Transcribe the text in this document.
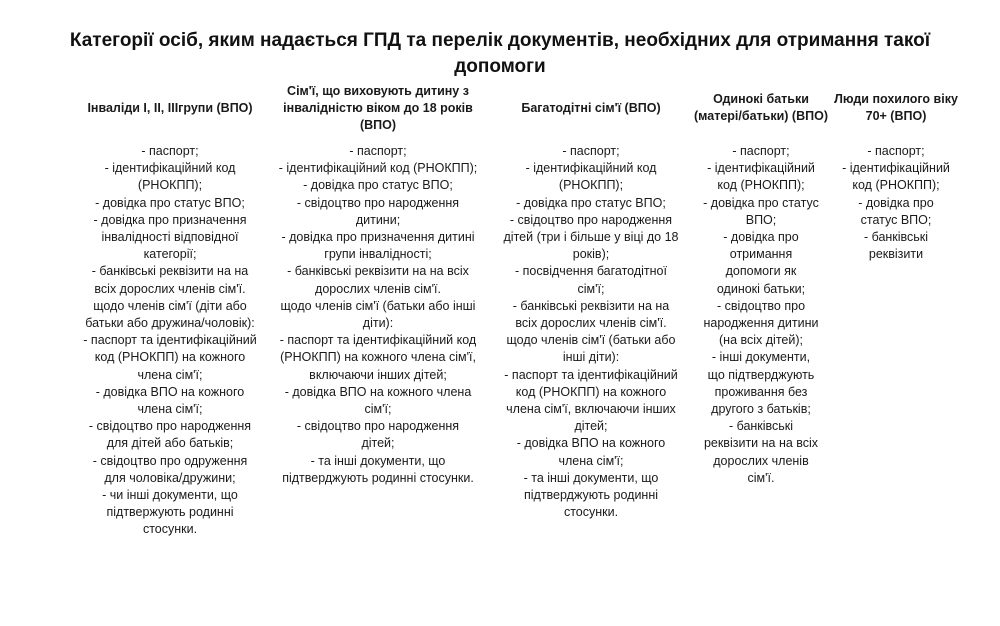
Категорії осіб, яким надається ГПД та перелік документів, необхідних для отримання такої допомоги
Інваліди І, ІІ, ІІІгрупи (ВПО)
- паспорт;
- ідентифікаційний код
(РНОКПП);
- довідка про статус ВПО;
- довідка про призначення
інвалідності відповідної
категорії;
- банківські реквізити на на
всіх дорослих членів сім'ї.
щодо членів сім'ї (діти або
батьки або дружина/чоловік):
- паспорт та ідентифікаційний
код (РНОКПП) на кожного
члена сім'ї;
- довідка ВПО на кожного
члена сім'ї;
- свідоцтво про народження
для дітей або батьків;
- свідоцтво про одруження
для чоловіка/дружини;
- чи інші документи, що
підтвержують родинні
стосунки.
Сім'ї, що виховують дитину з інвалідністю віком до 18 років (ВПО)
- паспорт;
- ідентифікаційний код (РНОКПП);
- довідка про статус ВПО;
- свідоцтво про народження
дитини;
- довідка про призначення дитині
групи інвалідності;
- банківські реквізити на на всіх
дорослих членів сім'ї.
щодо членів сім'ї (батьки або інші
діти):
- паспорт та ідентифікаційний код
(РНОКПП) на кожного члена сім'ї,
включаючи інших дітей;
- довідка ВПО на кожного члена
сім'ї;
- свідоцтво про народження
дітей;
- та інші документи, що
підтверджують родинні стосунки.
Багатодітні сім'ї (ВПО)
- паспорт;
- ідентифікаційний код
(РНОКПП);
- довідка про статус ВПО;
- свідоцтво про народження
дітей (три і більше у віці до 18
років);
- посвідчення багатодітної
сім'ї;
- банківські реквізити на на
всіх дорослих членів сім'ї.
щодо членів сім'ї (батьки або
інші діти):
- паспорт та ідентифікаційний
код (РНОКПП) на кожного
члена сім'ї, включаючи інших
дітей;
- довідка ВПО на кожного
члена сім'ї;
- та інші документи, що
підтверджують родинні
стосунки.
Одинокі батьки (матері/батьки) (ВПО)
- паспорт;
- ідентифікаційний
код (РНОКПП);
- довідка про статус
ВПО;
- довідка про
отримання
допомоги як
одинокі батьки;
- свідоцтво про
народження дитини
(на всіх дітей);
- інші документи,
що підтверджують
проживання без
другого з батьків;
- банківські
реквізити на на всіх
дорослих членів
сім'ї.
Люди похилого віку 70+ (ВПО)
- паспорт;
- ідентифікаційний
код (РНОКПП);
- довідка про
статус ВПО;
- банківські
реквізити
